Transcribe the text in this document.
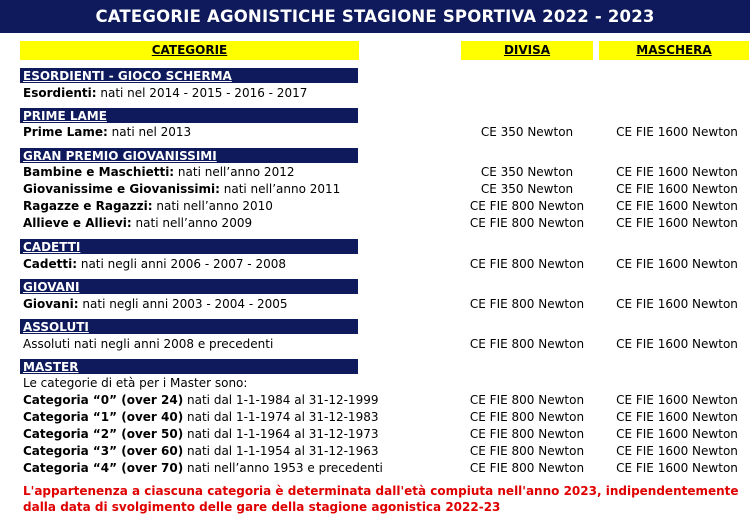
CATEGORIE AGONISTICHE STAGIONE SPORTIVA 2022 - 2023
CATEGORIE	DIVISA	MASCHERA
ESORDIENTI - GIOCO SCHERMA
Esordienti: nati nel 2014 - 2015 - 2016 - 2017
PRIME LAME
Prime Lame: nati nel 2013	CE 350 Newton	CE FIE 1600 Newton
GRAN PREMIO GIOVANISSIMI
Bambine e Maschietti: nati nell’anno 2012	CE 350 Newton	CE FIE 1600 Newton
Giovanissime e Giovanissimi: nati nell’anno 2011	CE 350 Newton	CE FIE 1600 Newton
Ragazze e Ragazzi: nati nell’anno 2010	CE FIE 800 Newton	CE FIE 1600 Newton
Allieve e Allievi: nati nell’anno 2009	CE FIE 800 Newton	CE FIE 1600 Newton
CADETTI
Cadetti: nati negli anni 2006 - 2007 - 2008	CE FIE 800 Newton	CE FIE 1600 Newton
GIOVANI
Giovani: nati negli anni 2003 - 2004 - 2005	CE FIE 800 Newton	CE FIE 1600 Newton
ASSOLUTI
Assoluti nati negli anni 2008 e precedenti	CE FIE 800 Newton	CE FIE 1600 Newton
MASTER
Le categorie di età per i Master sono:
Categoria “0” (over 24) nati dal 1-1-1984 al 31-12-1999	CE FIE 800 Newton	CE FIE 1600 Newton
Categoria “1” (over 40) nati dal 1-1-1974 al 31-12-1983	CE FIE 800 Newton	CE FIE 1600 Newton
Categoria “2” (over 50) nati dal 1-1-1964 al 31-12-1973	CE FIE 800 Newton	CE FIE 1600 Newton
Categoria “3” (over 60) nati dal 1-1-1954 al 31-12-1963	CE FIE 800 Newton	CE FIE 1600 Newton
Categoria “4” (over 70) nati nell’anno 1953 e precedenti	CE FIE 800 Newton	CE FIE 1600 Newton
L'appartenenza a ciascuna categoria è determinata dall'età compiuta nell'anno 2023, indipendentemente dalla data di svolgimento delle gare della stagione agonistica 2022-23
